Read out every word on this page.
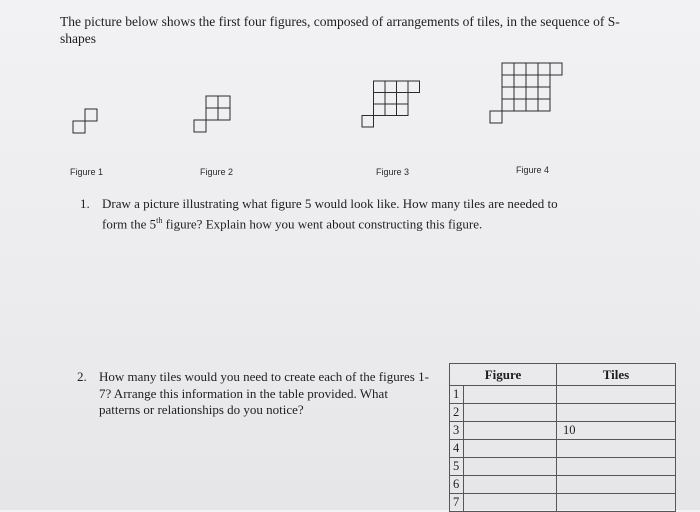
The picture below shows the first four figures, composed of arrangements of tiles, in the sequence of S-shapes
Figure 1	Figure 2	Figure 3	Figure 4
1. Draw a picture illustrating what figure 5 would look like. How many tiles are needed to form the 5th figure? Explain how you went about constructing this figure.
2. How many tiles would you need to create each of the figures 1-7? Arrange this information in the table provided. What patterns or relationships do you notice?
Figure		Tiles
1		
2		
3		10
4		
5		
6		
7		
